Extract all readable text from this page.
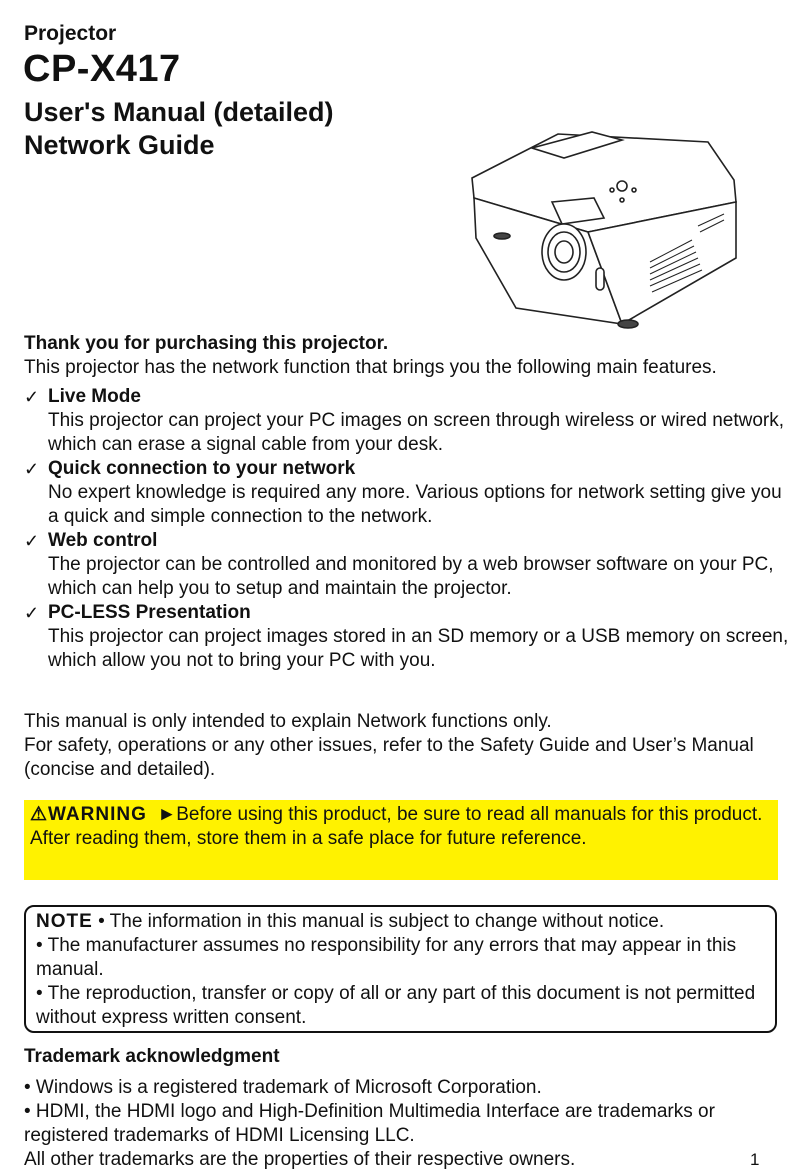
Projector
CP-X417
User's Manual (detailed)
Network Guide
Thank you for purchasing this projector.
This projector has the network function that brings you the following main features.
✓ Live Mode
This projector can project your PC images on screen through wireless or wired network, which can erase a signal cable from your desk.
✓ Quick connection to your network
No expert knowledge is required any more. Various options for network setting give you a quick and simple connection to the network.
✓ Web control
The projector can be controlled and monitored by a web browser software on your PC, which can help you to setup and maintain the projector.
✓ PC-LESS Presentation
This projector can project images stored in an SD memory or a USB memory on screen, which allow you not to bring your PC with you.
This manual is only intended to explain Network functions only.
For safety, operations or any other issues, refer to the Safety Guide and User’s Manual (concise and detailed).
⚠WARNING ►Before using this product, be sure to read all manuals for this product.
After reading them, store them in a safe place for future reference.
NOTE • The information in this manual is subject to change without notice.
• The manufacturer assumes no responsibility for any errors that may appear in this manual.
• The reproduction, transfer or copy of all or any part of this document is not permitted without express written consent.
Trademark acknowledgment
• Windows is a registered trademark of Microsoft Corporation.
• HDMI, the HDMI logo and High-Definition Multimedia Interface are trademarks or registered trademarks of HDMI Licensing LLC.
All other trademarks are the properties of their respective owners.	1
